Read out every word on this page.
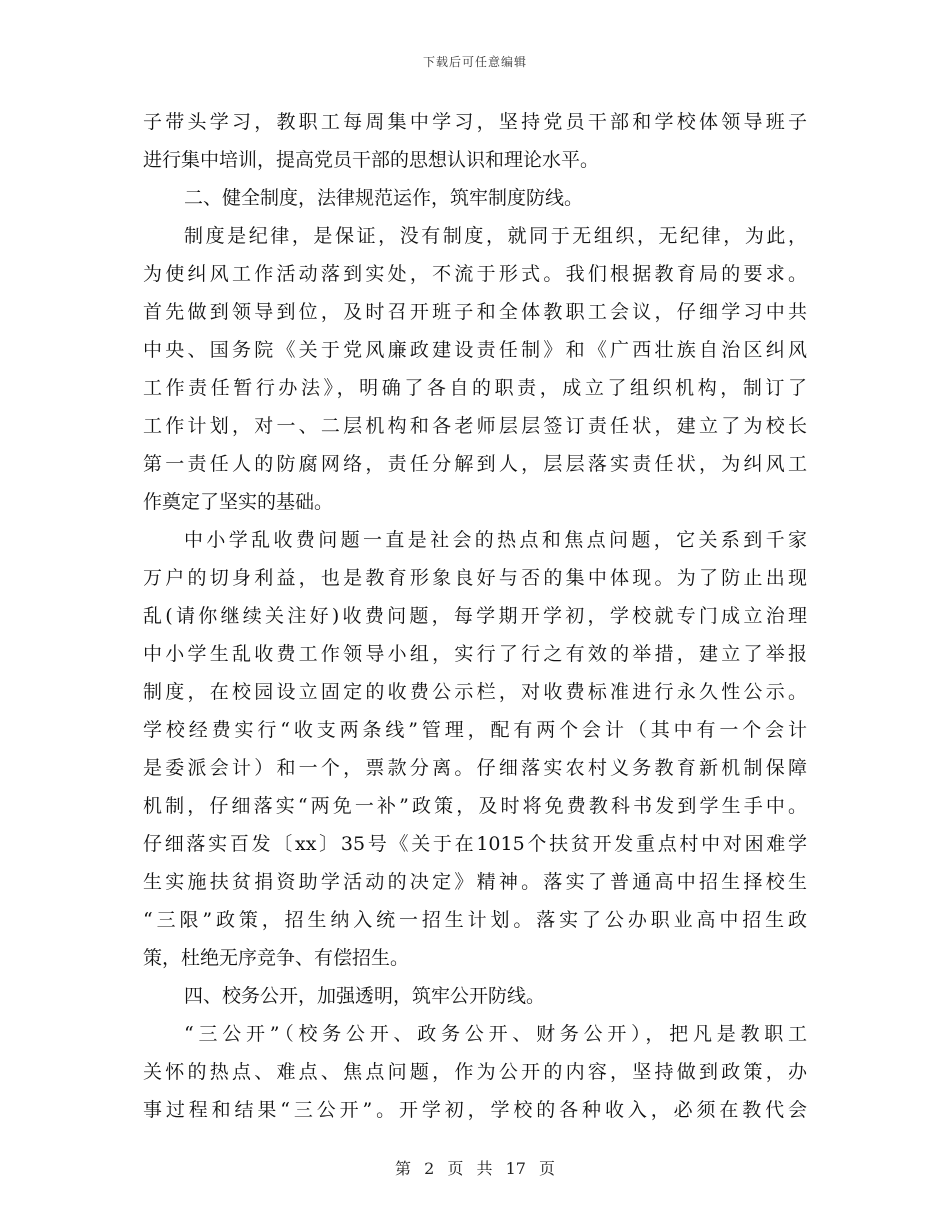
下载后可任意编辑
子带头学习，教职工每周集中学习，坚持党员干部和学校体领导班子
进行集中培训，提高党员干部的思想认识和理论水平。
二、健全制度，法律规范运作，筑牢制度防线。
制度是纪律，是保证，没有制度，就同于无组织，无纪律，为此，
为使纠风工作活动落到实处，不流于形式。我们根据教育局的要求。
首先做到领导到位，及时召开班子和全体教职工会议，仔细学习中共
中央、国务院《关于党风廉政建设责任制》和《广西壮族自治区纠风
工作责任暂行办法》，明确了各自的职责，成立了组织机构，制订了
工作计划，对一、二层机构和各老师层层签订责任状，建立了为校长
第一责任人的防腐网络，责任分解到人，层层落实责任状，为纠风工
作奠定了坚实的基础。
中小学乱收费问题一直是社会的热点和焦点问题，它关系到千家
万户的切身利益，也是教育形象良好与否的集中体现。为了防止出现
乱(请你继续关注好)收费问题，每学期开学初，学校就专门成立治理
中小学生乱收费工作领导小组，实行了行之有效的举措，建立了举报
制度，在校园设立固定的收费公示栏，对收费标准进行永久性公示。
学校经费实行“收支两条线”管理，配有两个会计（其中有一个会计
是委派会计）和一个，票款分离。仔细落实农村义务教育新机制保障
机制，仔细落实“两免一补”政策，及时将免费教科书发到学生手中。
仔细落实百发〔xx〕35号《关于在1015个扶贫开发重点村中对困难学
生实施扶贫捐资助学活动的决定》精神。落实了普通高中招生择校生
“三限”政策，招生纳入统一招生计划。落实了公办职业高中招生政
策，杜绝无序竞争、有偿招生。
四、校务公开，加强透明，筑牢公开防线。
“三公开”（校务公开、政务公开、财务公开），把凡是教职工
关怀的热点、难点、焦点问题，作为公开的内容，坚持做到政策，办
事过程和结果“三公开”。开学初，学校的各种收入，必须在教代会
第 2 页 共 17 页
